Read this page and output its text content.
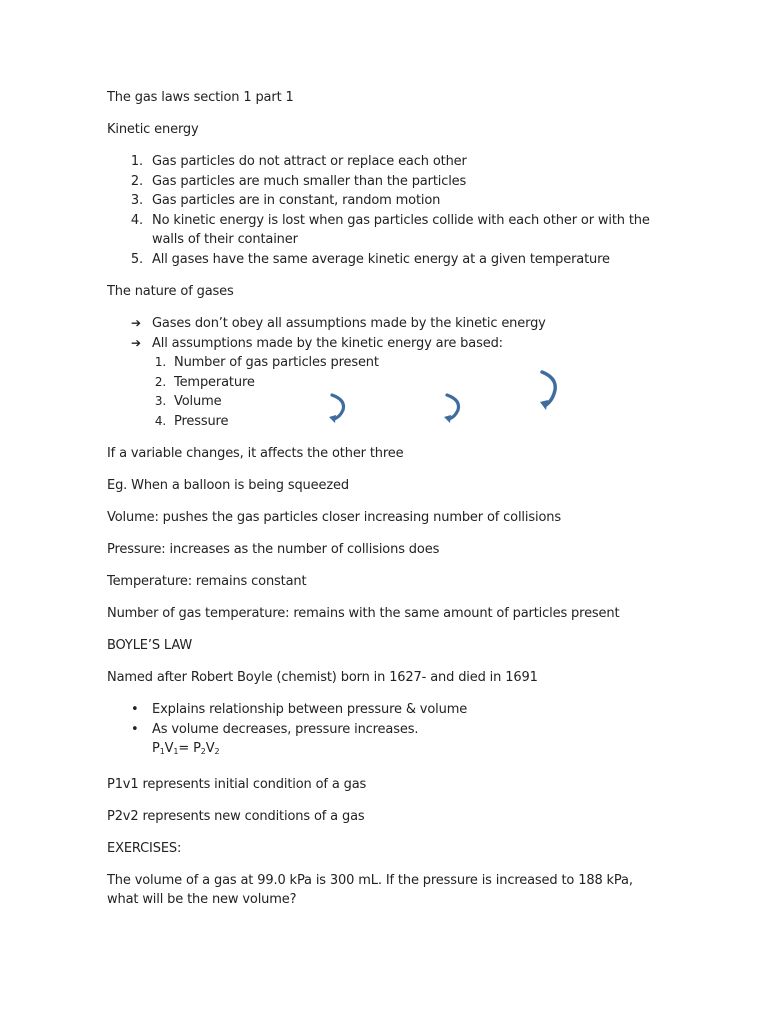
The gas laws section 1 part 1

Kinetic energy

1. Gas particles do not attract or replace each other
2. Gas particles are much smaller than the particles
3. Gas particles are in constant, random motion
4. No kinetic energy is lost when gas particles collide with each other or with the walls of their container
5. All gases have the same average kinetic energy at a given temperature

The nature of gases

➔ Gases don’t obey all assumptions made by the kinetic energy
➔ All assumptions made by the kinetic energy are based:
1. Number of gas particles present
2. Temperature
3. Volume
4. Pressure

If a variable changes, it affects the other three

Eg. When a balloon is being squeezed

Volume: pushes the gas particles closer increasing number of collisions

Pressure: increases as the number of collisions does

Temperature: remains constant

Number of gas temperature: remains with the same amount of particles present

BOYLE’S LAW

Named after Robert Boyle (chemist) born in 1627- and died in 1691

• Explains relationship between pressure & volume
• As volume decreases, pressure increases.
$P_1V_1= P_2V_2$

P1v1 represents initial condition of a gas

P2v2 represents new conditions of a gas

EXERCISES:

The volume of a gas at 99.0 kPa is 300 mL. If the pressure is increased to 188 kPa, what will be the new volume?
